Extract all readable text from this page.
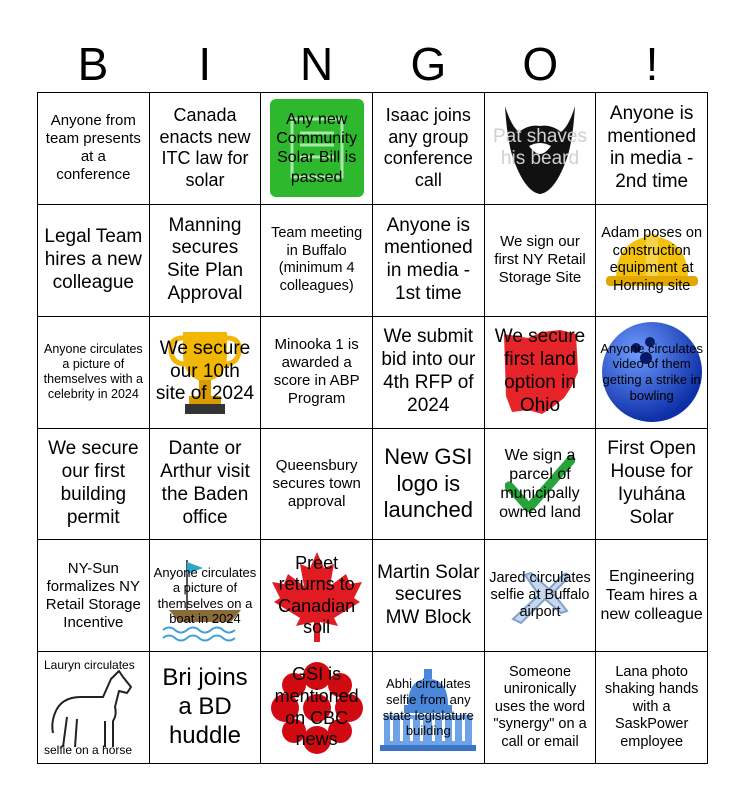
B	I	N	G	O	!
Anyone from team presents at a conference
Canada enacts new ITC law for solar
Any new Community Solar Bill is passed
Isaac joins any group conference call
Pat shaves his beard
Anyone is mentioned in media - 2nd time
Legal Team hires a new colleague
Manning secures Site Plan Approval
Team meeting in Buffalo (minimum 4 colleagues)
Anyone is mentioned in media - 1st time
We sign our first NY Retail Storage Site
Adam poses on construction equipment at Horning site
Anyone circulates a picture of themselves with a celebrity in 2024
We secure our 10th site of 2024
Minooka 1 is awarded a score in ABP Program
We submit bid into our 4th RFP of 2024
We secure first land option in Ohio
Anyone circulates video of them getting a strike in bowling
We secure our first building permit
Dante or Arthur visit the Baden office
Queensbury secures town approval
New GSI logo is launched
We sign a parcel of municipally owned land
First Open House for Iyuhána Solar
NY-Sun formalizes NY Retail Storage Incentive
Anyone circulates a picture of themselves on a boat in 2024
Preet returns to Canadian soil
Martin Solar secures MW Block
Jared circulates selfie at Buffalo airport
Engineering Team hires a new colleague
Lauryn circulates
selfie on a horse
Bri joins a BD huddle
GSI is mentioned on CBC news
Abhi circulates selfie from any state legislature building
Someone unironically uses the word "synergy" on a call or email
Lana photo shaking hands with a SaskPower employee
